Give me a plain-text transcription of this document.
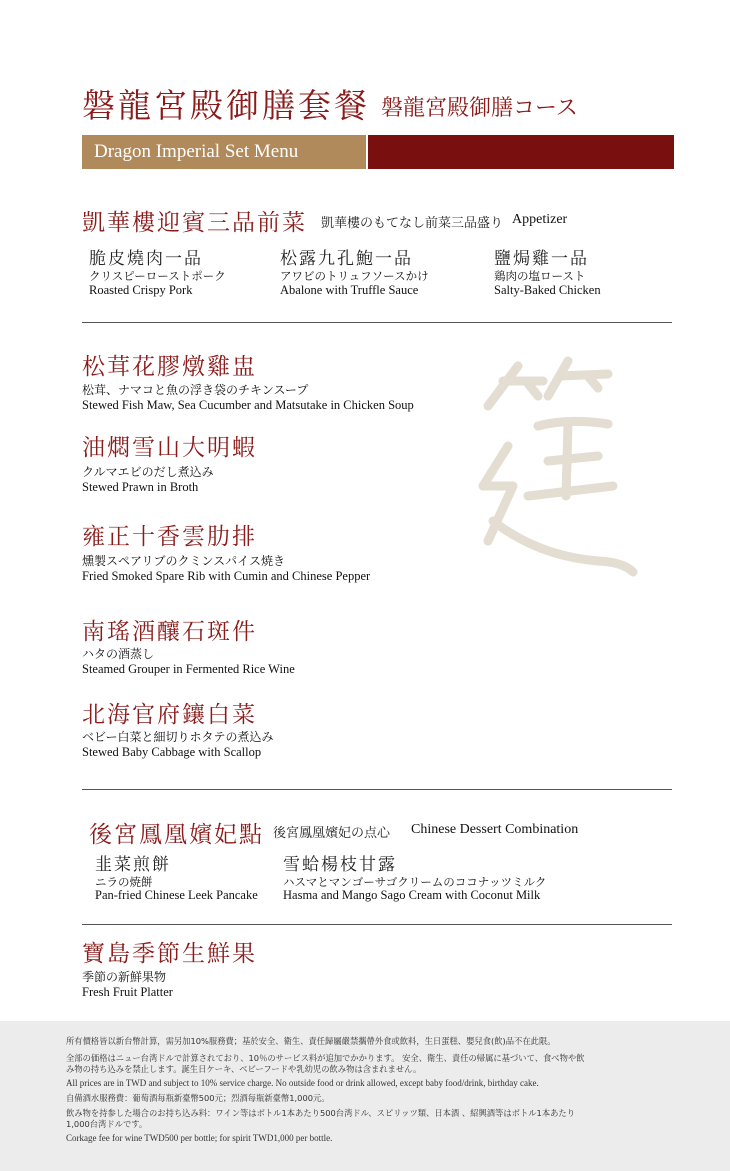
磐龍宮殿御膳套餐 磐龍宮殿御膳コース
Dragon Imperial Set Menu
凱華樓迎賓三品前菜 凱華樓のもてなし前菜三品盛り Appetizer
脆皮燒肉一品
クリスピーローストポーク
Roasted Crispy Pork
松露九孔鮑一品
アワビのトリュフソースかけ
Abalone with Truffle Sauce
鹽焗雞一品
鶏肉の塩ロースト
Salty-Baked Chicken
松茸花膠燉雞盅
松茸、ナマコと魚の浮き袋のチキンスープ
Stewed Fish Maw, Sea Cucumber and Matsutake in Chicken Soup
油燜雪山大明蝦
クルマエビのだし煮込み
Stewed Prawn in Broth
雍正十香雲肋排
燻製スペアリブのクミンスパイス焼き
Fried Smoked Spare Rib with Cumin and Chinese Pepper
南瑤酒釀石斑件
ハタの酒蒸し
Steamed Grouper in Fermented Rice Wine
北海官府鑲白菜
ベビー白菜と細切りホタテの煮込み
Stewed Baby Cabbage with Scallop
後宮鳳凰嬪妃點 後宮鳳凰嬪妃の点心 Chinese Dessert Combination
韭菜煎餅
ニラの焼餅
Pan-fried Chinese Leek Pancake
雪蛤楊枝甘露
ハスマとマンゴーサゴクリームのココナッツミルク
Hasma and Mango Sago Cream with Coconut Milk
寶島季節生鮮果
季節の新鮮果物
Fresh Fruit Platter
所有價格皆以新台幣計算，需另加10%服務費；基於安全、衛生、責任歸屬嚴禁攜帶外食或飲料，生日蛋糕、嬰兒食(飲)品不在此限。
全部の価格はニュー台湾ドルで計算されており、10％のサービス料が追加でかかります。 安全、衛生、責任の帰属に基づいて、食べ物や飲
み物の持ち込みを禁止します。誕生日ケーキ、ベビーフードや乳幼児の飲み物は含まれません。
All prices are in TWD and subject to 10% service charge. No outside food or drink allowed, except baby food/drink, birthday cake.
自備酒水服務費：葡萄酒每瓶新臺幣500元；烈酒每瓶新臺幣1,000元。
飲み物を持参した場合のお持ち込み料：ワイン等はボトル1本あたり500台湾ドル、スピリッツ類、日本酒 、紹興酒等はボトル1本あたり
1,000台湾ドルです。
Corkage fee for wine TWD500 per bottle; for spirit TWD1,000 per bottle.
